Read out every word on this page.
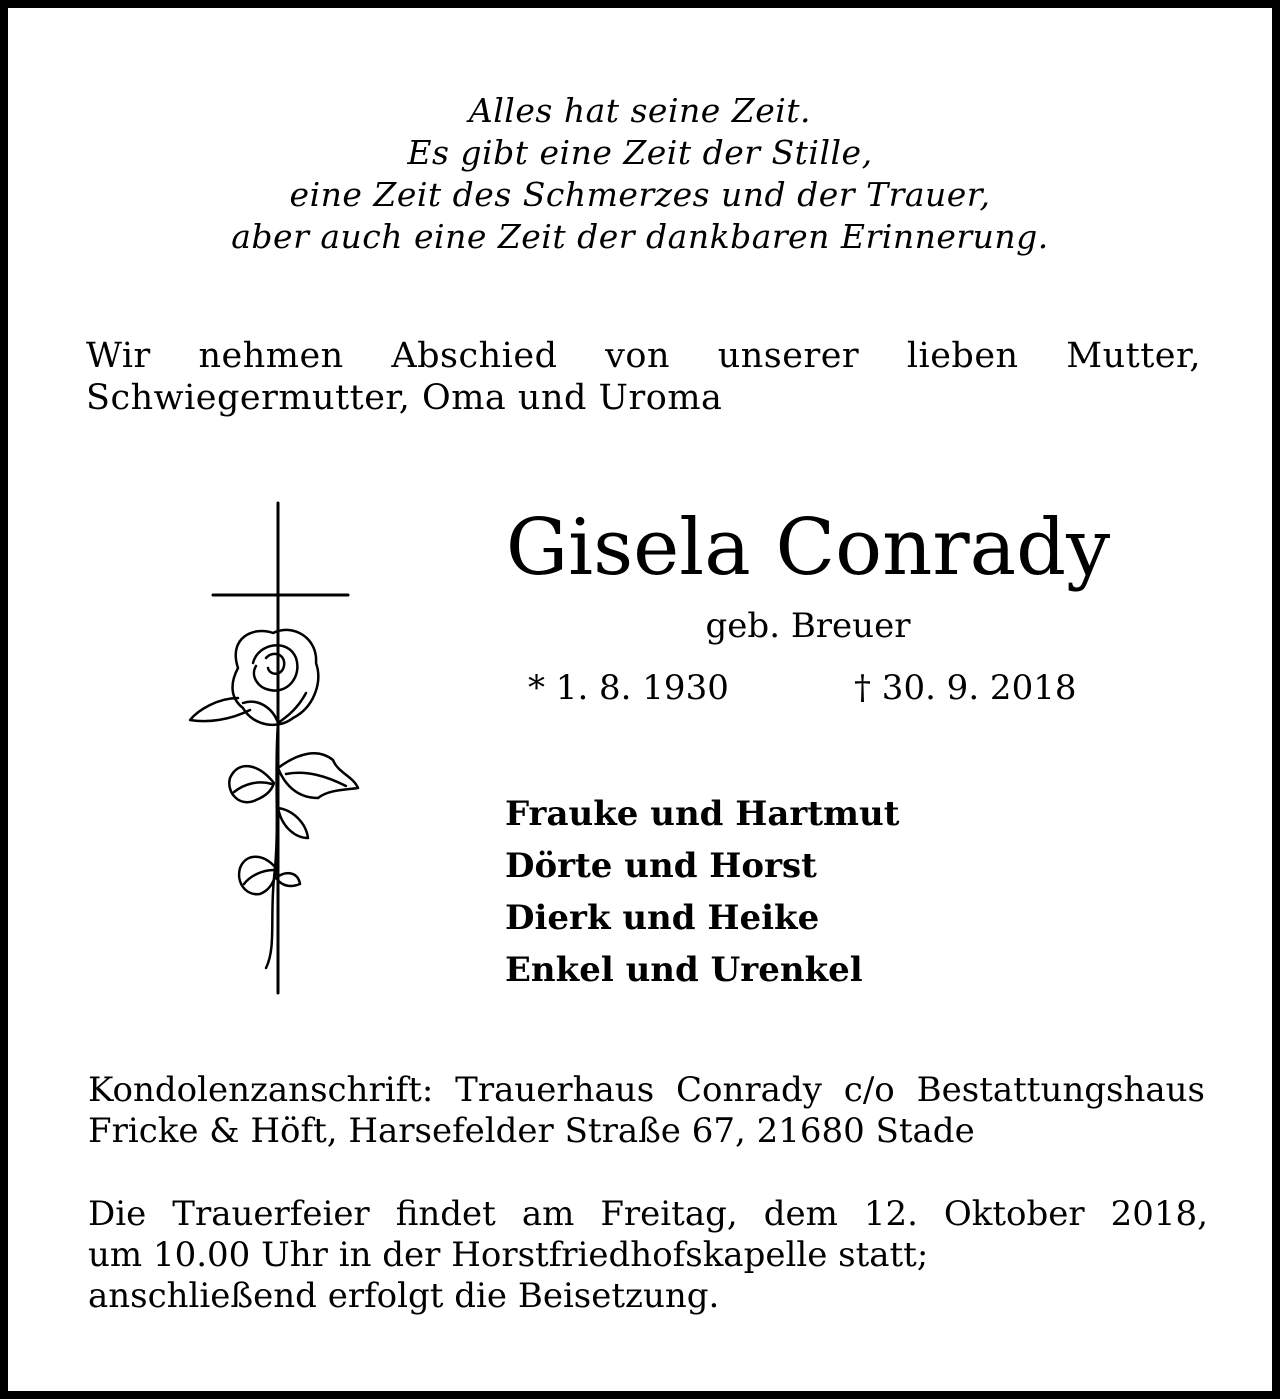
Alles hat seine Zeit.
Es gibt eine Zeit der Stille,
eine Zeit des Schmerzes und der Trauer,
aber auch eine Zeit der dankbaren Erinnerung.
Wir nehmen Abschied von unserer lieben Mutter,
Schwiegermutter, Oma und Uroma
Gisela Conrady
geb. Breuer
* 1. 8. 1930	† 30. 9. 2018
Frauke und Hartmut
Dörte und Horst
Dierk und Heike
Enkel und Urenkel
Kondolenzanschrift: Trauerhaus Conrady c/o Bestattungshaus
Fricke & Höft, Harsefelder Straße 67, 21680 Stade
Die Trauerfeier findet am Freitag, dem 12. Oktober 2018,
um 10.00 Uhr in der Horstfriedhofskapelle statt;
anschließend erfolgt die Beisetzung.
